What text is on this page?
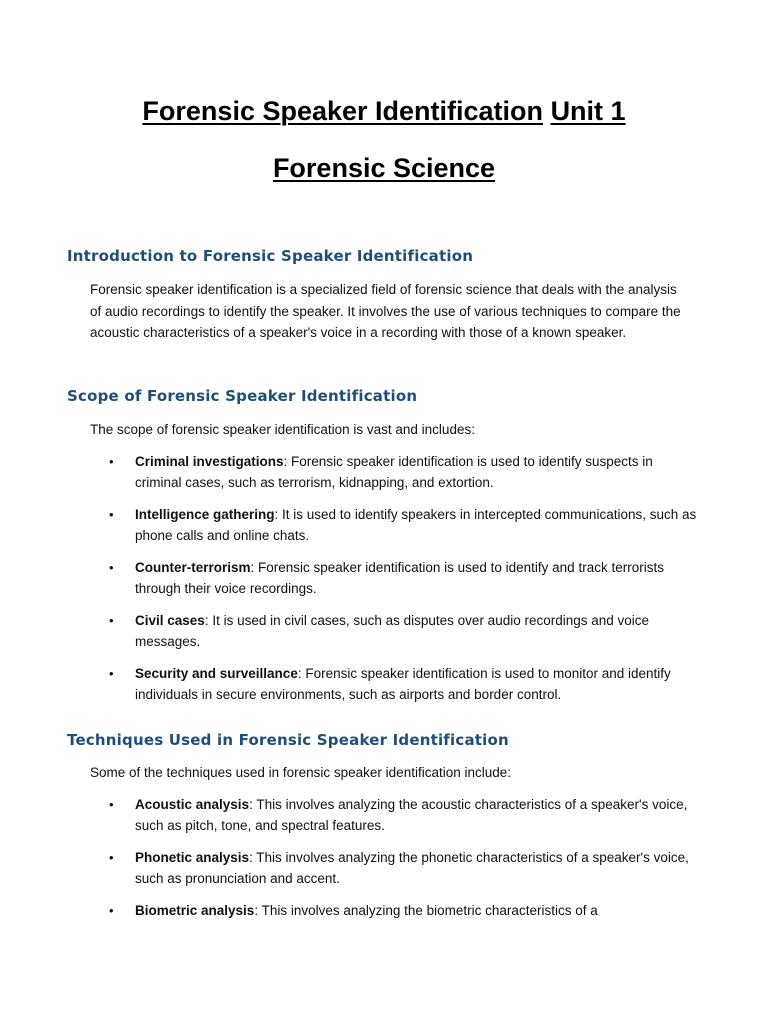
Forensic Speaker Identification Unit 1
Forensic Science
Introduction to Forensic Speaker Identification
Forensic speaker identification is a specialized field of forensic science that deals with the analysis of audio recordings to identify the speaker. It involves the use of various techniques to compare the acoustic characteristics of a speaker's voice in a recording with those of a known speaker.
Scope of Forensic Speaker Identification
The scope of forensic speaker identification is vast and includes:
• Criminal investigations: Forensic speaker identification is used to identify suspects in criminal cases, such as terrorism, kidnapping, and extortion.
• Intelligence gathering: It is used to identify speakers in intercepted communications, such as phone calls and online chats.
• Counter-terrorism: Forensic speaker identification is used to identify and track terrorists through their voice recordings.
• Civil cases: It is used in civil cases, such as disputes over audio recordings and voice messages.
• Security and surveillance: Forensic speaker identification is used to monitor and identify individuals in secure environments, such as airports and border control.
Techniques Used in Forensic Speaker Identification
Some of the techniques used in forensic speaker identification include:
• Acoustic analysis: This involves analyzing the acoustic characteristics of a speaker's voice, such as pitch, tone, and spectral features.
• Phonetic analysis: This involves analyzing the phonetic characteristics of a speaker's voice, such as pronunciation and accent.
• Biometric analysis: This involves analyzing the biometric characteristics of a
